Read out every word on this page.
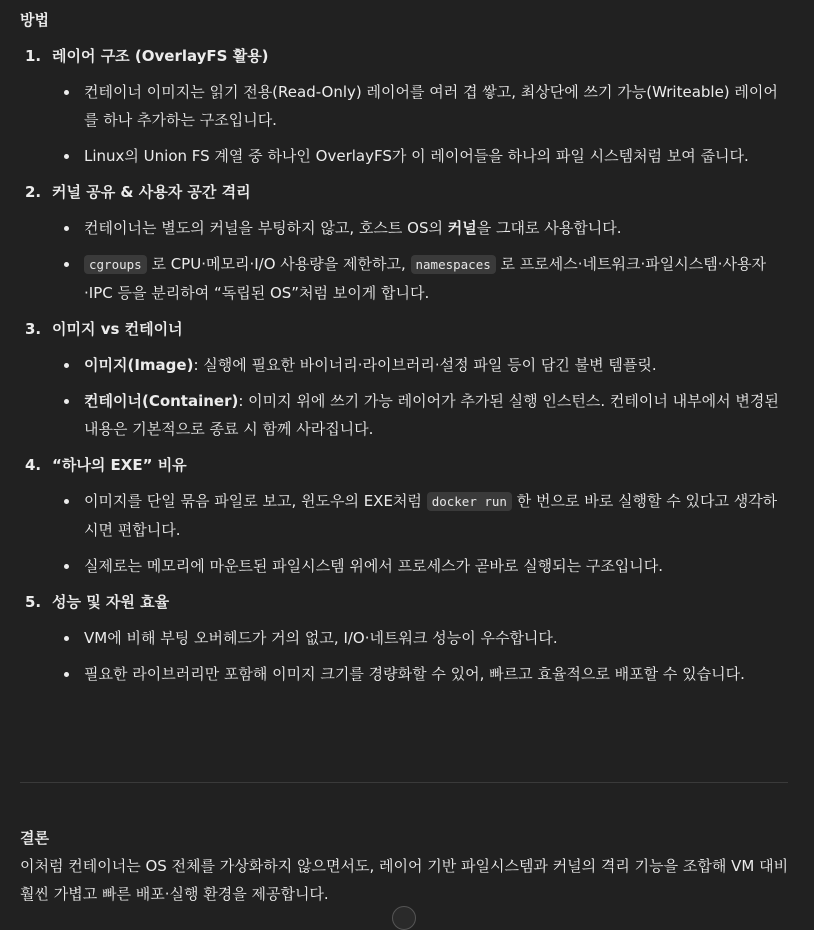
방법
1. 레이어 구조 (OverlayFS 활용)
컨테이너 이미지는 읽기 전용(Read-Only) 레이어를 여러 겹 쌓고, 최상단에 쓰기 가능(Writeable) 레이어를 하나 추가하는 구조입니다.
Linux의 Union FS 계열 중 하나인 OverlayFS가 이 레이어들을 하나의 파일 시스템처럼 보여 줍니다.
2. 커널 공유 & 사용자 공간 격리
컨테이너는 별도의 커널을 부팅하지 않고, 호스트 OS의 커널을 그대로 사용합니다.
cgroups 로 CPU·메모리·I/O 사용량을 제한하고, namespaces 로 프로세스·네트워크·파일시스템·사용자·IPC 등을 분리하여 “독립된 OS”처럼 보이게 합니다.
3. 이미지 vs 컨테이너
이미지(Image): 실행에 필요한 바이너리·라이브러리·설정 파일 등이 담긴 불변 템플릿.
컨테이너(Container): 이미지 위에 쓰기 가능 레이어가 추가된 실행 인스턴스. 컨테이너 내부에서 변경된 내용은 기본적으로 종료 시 함께 사라집니다.
4. “하나의 EXE” 비유
이미지를 단일 묶음 파일로 보고, 윈도우의 EXE처럼 docker run 한 번으로 바로 실행할 수 있다고 생각하시면 편합니다.
실제로는 메모리에 마운트된 파일시스템 위에서 프로세스가 곧바로 실행되는 구조입니다.
5. 성능 및 자원 효율
VM에 비해 부팅 오버헤드가 거의 없고, I/O·네트워크 성능이 우수합니다.
필요한 라이브러리만 포함해 이미지 크기를 경량화할 수 있어, 빠르고 효율적으로 배포할 수 있습니다.
결론
이처럼 컨테이너는 OS 전체를 가상화하지 않으면서도, 레이어 기반 파일시스템과 커널의 격리 기능을 조합해 VM 대비 훨씬 가볍고 빠른 배포·실행 환경을 제공합니다.
